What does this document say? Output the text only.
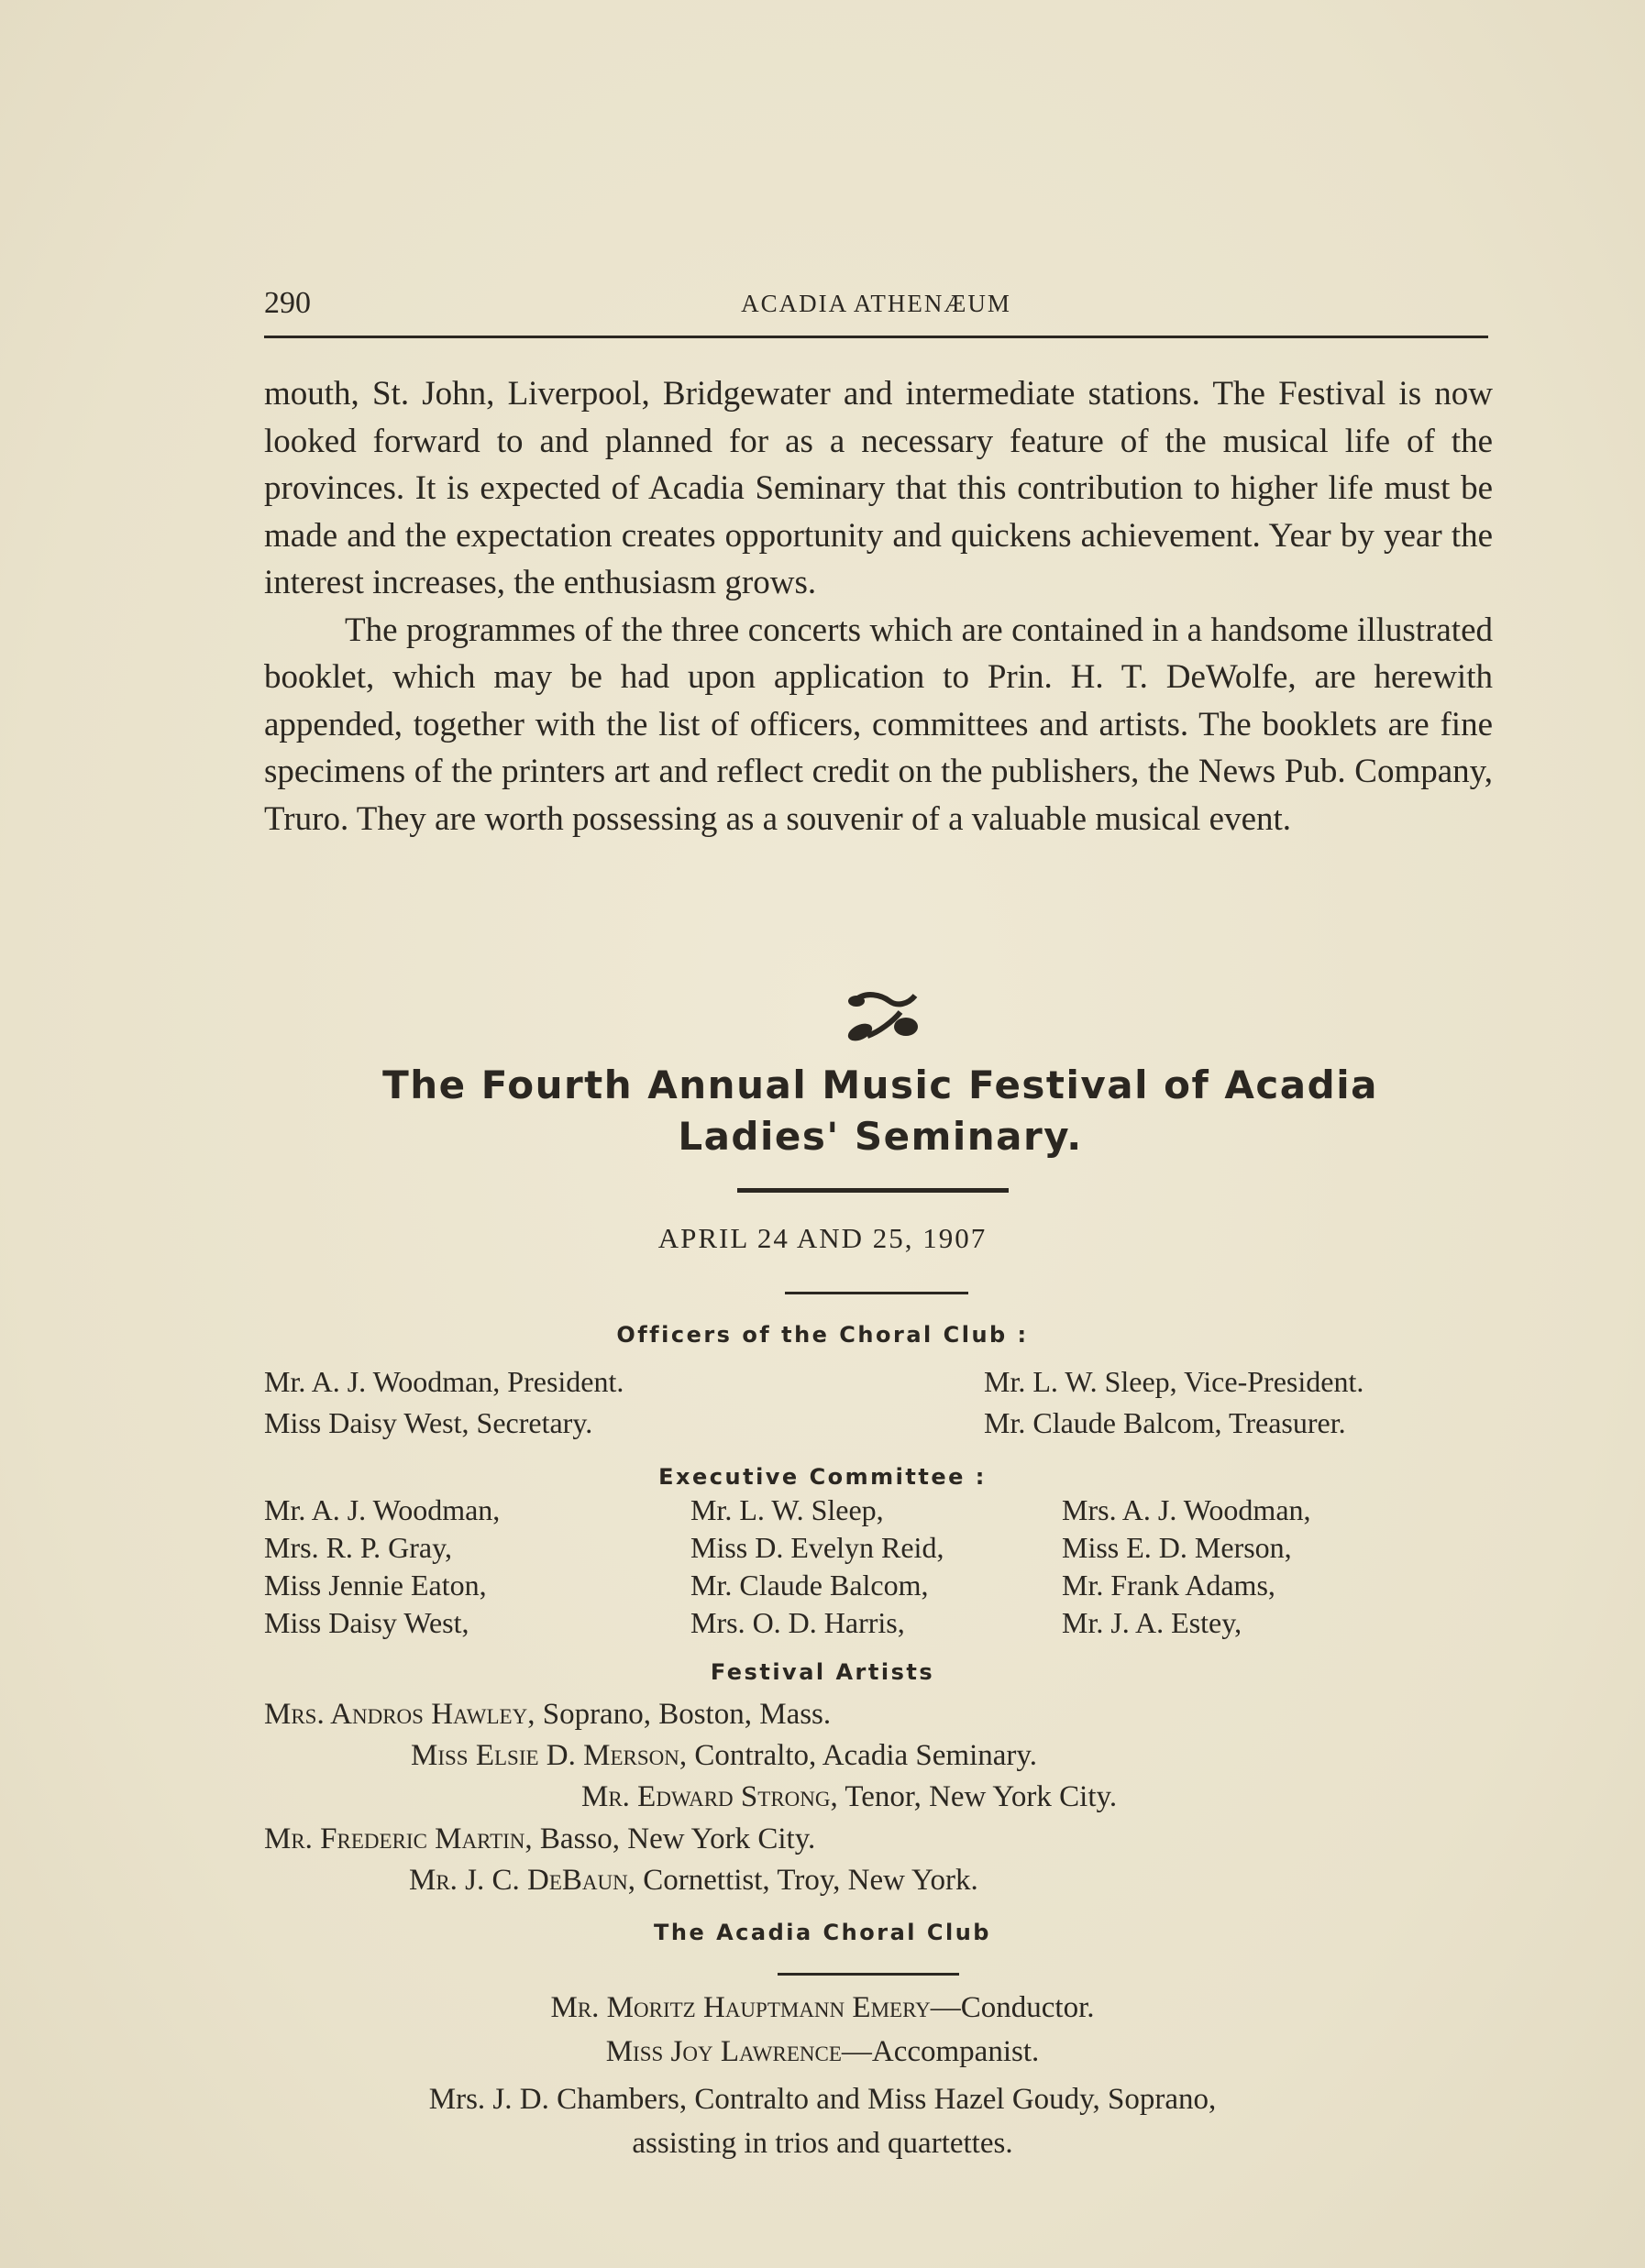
290	ACADIA ATHENÆUM

mouth, St. John, Liverpool, Bridgewater and intermediate stations. The Festival is now looked forward to and planned for as a necessary feature of the musical life of the provinces. It is expected of Acadia Seminary that this contribution to higher life must be made and the expectation creates opportunity and quickens achievement. Year by year the interest increases, the enthusiasm grows.

The programmes of the three concerts which are contained in a handsome illustrated booklet, which may be had upon application to Prin. H. T. DeWolfe, are herewith appended, together with the list of officers, committees and artists. The booklets are fine specimens of the printers art and reflect credit on the publishers, the News Pub. Company, Truro. They are worth possessing as a souvenir of a valuable musical event.

The Fourth Annual Music Festival of Acadia
Ladies' Seminary.
APRIL 24 AND 25, 1907
Officers of the Choral Club :
Mr. A. J. Woodman, President.
Miss Daisy West, Secretary.
Mr. L. W. Sleep, Vice-President.
Mr. Claude Balcom, Treasurer.
Executive Committee :
Mr. A. J. Woodman,
Mrs. R. P. Gray,
Miss Jennie Eaton,
Miss Daisy West,
Mr. L. W. Sleep,
Miss D. Evelyn Reid,
Mr. Claude Balcom,
Mrs. O. D. Harris,
Mrs. A. J. Woodman,
Miss E. D. Merson,
Mr. Frank Adams,
Mr. J. A. Estey,
Festival Artists
Mrs. Andros Hawley, Soprano, Boston, Mass.
Miss Elsie D. Merson, Contralto, Acadia Seminary.
Mr. Edward Strong, Tenor, New York City.
Mr. Frederic Martin, Basso, New York City.
Mr. J. C. DeBaun, Cornettist, Troy, New York.
The Acadia Choral Club
Mr. Moritz Hauptmann Emery—Conductor.
Miss Joy Lawrence—Accompanist.
Mrs. J. D. Chambers, Contralto and Miss Hazel Goudy, Soprano,
assisting in trios and quartettes.
